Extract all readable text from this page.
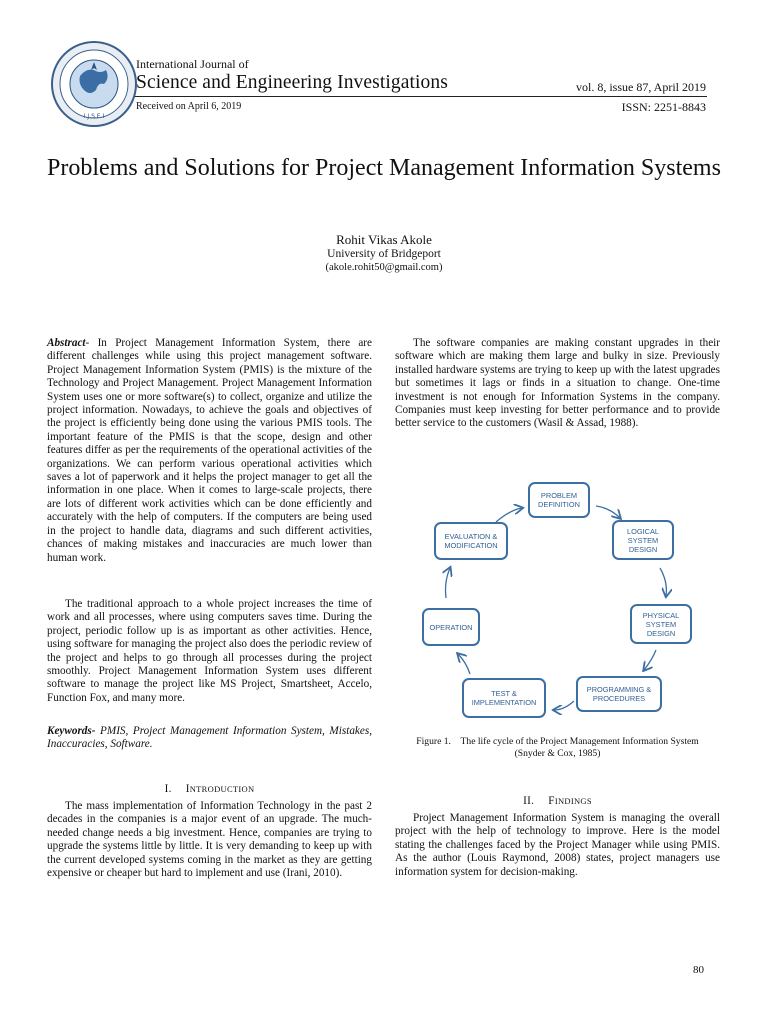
I.J.S.E.I
International Journal of
Science and Engineering Investigations
Received on April 6, 2019
vol. 8, issue 87, April 2019
ISSN: 2251-8843
Problems and Solutions for Project Management Information Systems
Rohit Vikas Akole
University of Bridgeport
(akole.rohit50@gmail.com)

Abstract- In Project Management Information System, there are different challenges while using this project management software. Project Management Information System (PMIS) is the mixture of the Technology and Project Management. Project Management Information System uses one or more software(s) to collect, organize and utilize the project information. Nowadays, to achieve the goals and objectives of the project is efficiently being done using the various PMIS tools. The important feature of the PMIS is that the scope, design and other features differ as per the requirements of the operational activities of the organizations. We can perform various operational activities which saves a lot of paperwork and it helps the project manager to get all the information in one place. When it comes to large-scale projects, there are lots of different work activities which can be done efficiently and accurately with the help of computers. If the computers are being used in the project to handle data, diagrams and such different activities, chances of making mistakes and inaccuracies are much lower than human work.

The traditional approach to a whole project increases the time of work and all processes, where using computers saves time. During the project, periodic follow up is as important as other activities. Hence, using software for managing the project also does the periodic review of the project and helps to go through all processes during the project smoothly. Project Management Information System uses different software to manage the project like MS Project, Smartsheet, Accelo, Function Fox, and many more.

Keywords- PMIS, Project Management Information System, Mistakes, Inaccuracies, Software.

I. INTRODUCTION

The mass implementation of Information Technology in the past 2 decades in the companies is a major event of an upgrade. The much-needed change needs a big investment. Hence, companies are trying to upgrade the systems little by little. It is very demanding to keep up with the current developed systems coming in the market as they are getting expensive or cheaper but hard to implement and use (Irani, 2010).

The software companies are making constant upgrades in their software which are making them large and bulky in size. Previously installed hardware systems are trying to keep up with the latest upgrades but sometimes it lags or finds in a situation to change. One-time investment is not enough for Information Systems in the company. Companies must keep investing for better performance and to provide better service to the customers (Wasil & Assad, 1988).

PROBLEM DEFINITION
LOGICAL SYSTEM DESIGN
PHYSICAL SYSTEM DESIGN
PROGRAMMING & PROCEDURES
TEST & IMPLEMENTATION
OPERATION
EVALUATION & MODIFICATION
Figure 1. The life cycle of the Project Management Information System
(Snyder & Cox, 1985)
II. FINDINGS

Project Management Information System is managing the overall project with the help of technology to improve. Here is the model stating the challenges faced by the Project Manager while using PMIS. As the author (Louis Raymond, 2008) states, project managers use information system for decision-making.

80
